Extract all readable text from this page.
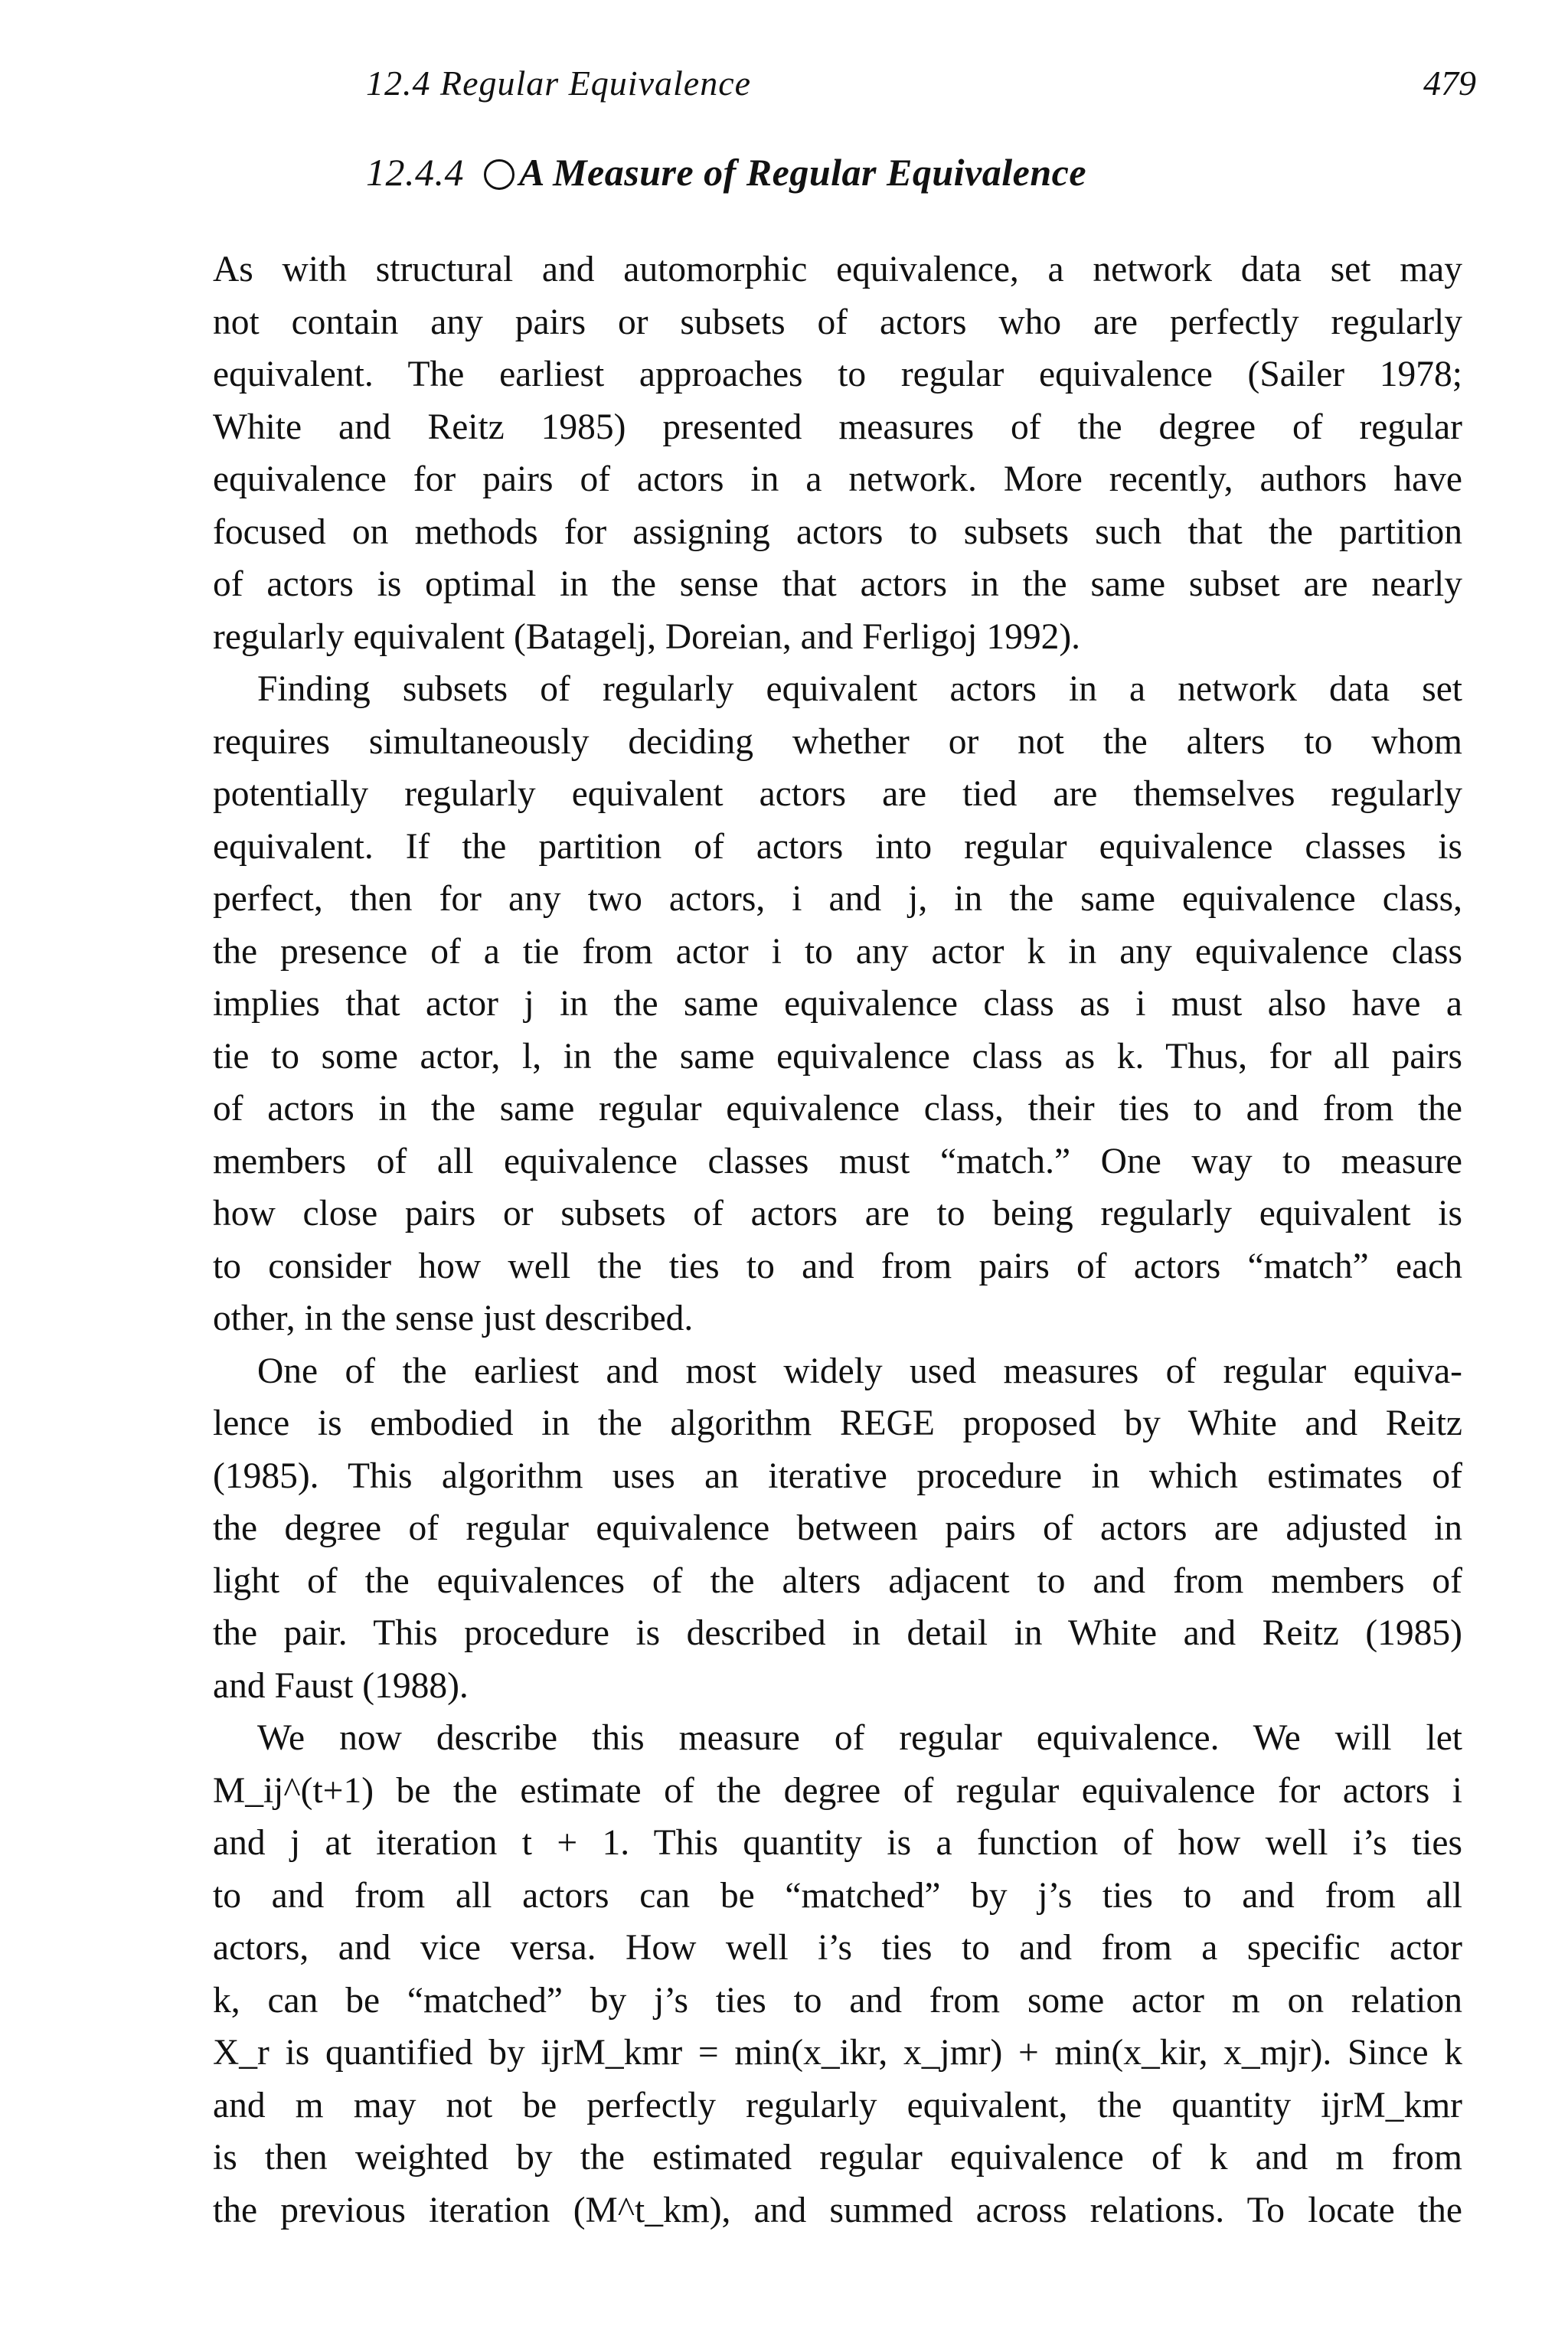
12.4 Regular Equivalence	479
12.4.4 A Measure of Regular Equivalence
As with structural and automorphic equivalence, a network data set may
not contain any pairs or subsets of actors who are perfectly regularly
equivalent. The earliest approaches to regular equivalence (Sailer 1978;
White and Reitz 1985) presented measures of the degree of regular
equivalence for pairs of actors in a network. More recently, authors have
focused on methods for assigning actors to subsets such that the partition
of actors is optimal in the sense that actors in the same subset are nearly
regularly equivalent (Batagelj, Doreian, and Ferligoj 1992).
Finding subsets of regularly equivalent actors in a network data set
requires simultaneously deciding whether or not the alters to whom
potentially regularly equivalent actors are tied are themselves regularly
equivalent. If the partition of actors into regular equivalence classes is
perfect, then for any two actors, i and j, in the same equivalence class,
the presence of a tie from actor i to any actor k in any equivalence class
implies that actor j in the same equivalence class as i must also have a
tie to some actor, l, in the same equivalence class as k. Thus, for all pairs
of actors in the same regular equivalence class, their ties to and from the
members of all equivalence classes must “match.” One way to measure
how close pairs or subsets of actors are to being regularly equivalent is
to consider how well the ties to and from pairs of actors “match” each
other, in the sense just described.
One of the earliest and most widely used measures of regular equiva-
lence is embodied in the algorithm REGE proposed by White and Reitz
(1985). This algorithm uses an iterative procedure in which estimates of
the degree of regular equivalence between pairs of actors are adjusted in
light of the equivalences of the alters adjacent to and from members of
the pair. This procedure is described in detail in White and Reitz (1985)
and Faust (1988).
We now describe this measure of regular equivalence. We will let
M_ij^(t+1) be the estimate of the degree of regular equivalence for actors i
and j at iteration t + 1. This quantity is a function of how well i’s ties
to and from all actors can be “matched” by j’s ties to and from all
actors, and vice versa. How well i’s ties to and from a specific actor
k, can be “matched” by j’s ties to and from some actor m on relation
X_r is quantified by ijrM_kmr = min(x_ikr, x_jmr) + min(x_kir, x_mjr). Since k
and m may not be perfectly regularly equivalent, the quantity ijrM_kmr
is then weighted by the estimated regular equivalence of k and m from
the previous iteration (M^t_km), and summed across relations. To locate the
